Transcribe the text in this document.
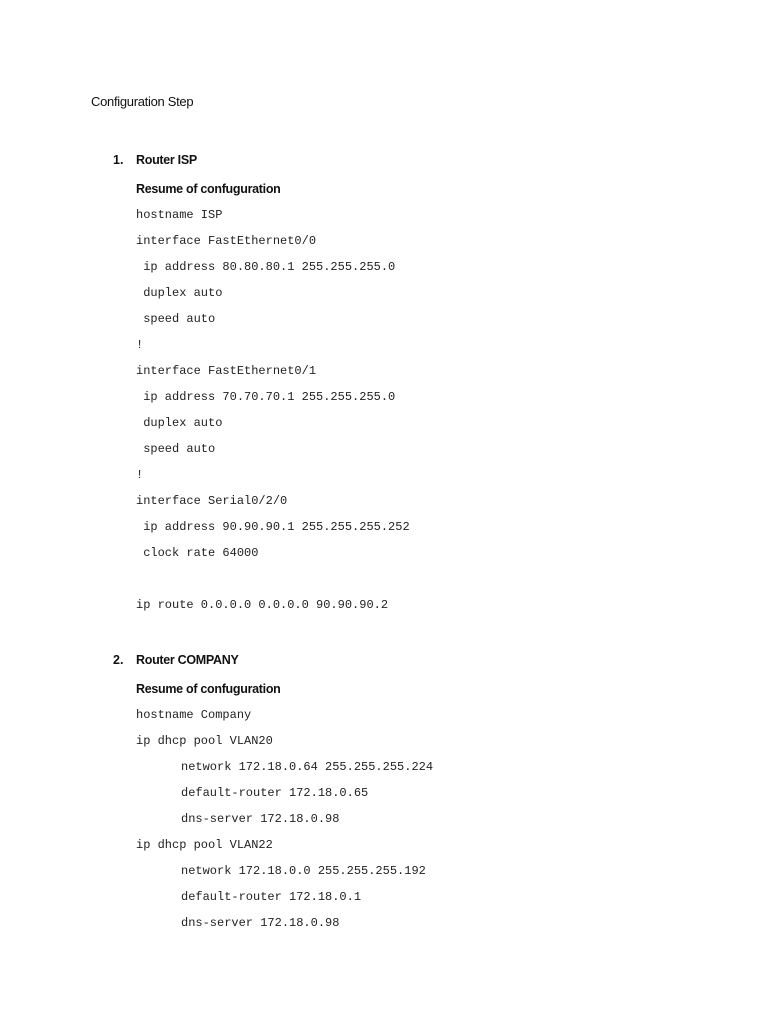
Configuration Step
1. Router ISP
Resume of confuguration
hostname ISP
interface FastEthernet0/0
ip address 80.80.80.1 255.255.255.0
duplex auto
speed auto
!
interface FastEthernet0/1
ip address 70.70.70.1 255.255.255.0
duplex auto
speed auto
!
interface Serial0/2/0
ip address 90.90.90.1 255.255.255.252
clock rate 64000
ip route 0.0.0.0 0.0.0.0 90.90.90.2
2. Router COMPANY
Resume of confuguration
hostname Company
ip dhcp pool VLAN20
network 172.18.0.64 255.255.255.224
default-router 172.18.0.65
dns-server 172.18.0.98
ip dhcp pool VLAN22
network 172.18.0.0 255.255.255.192
default-router 172.18.0.1
dns-server 172.18.0.98
